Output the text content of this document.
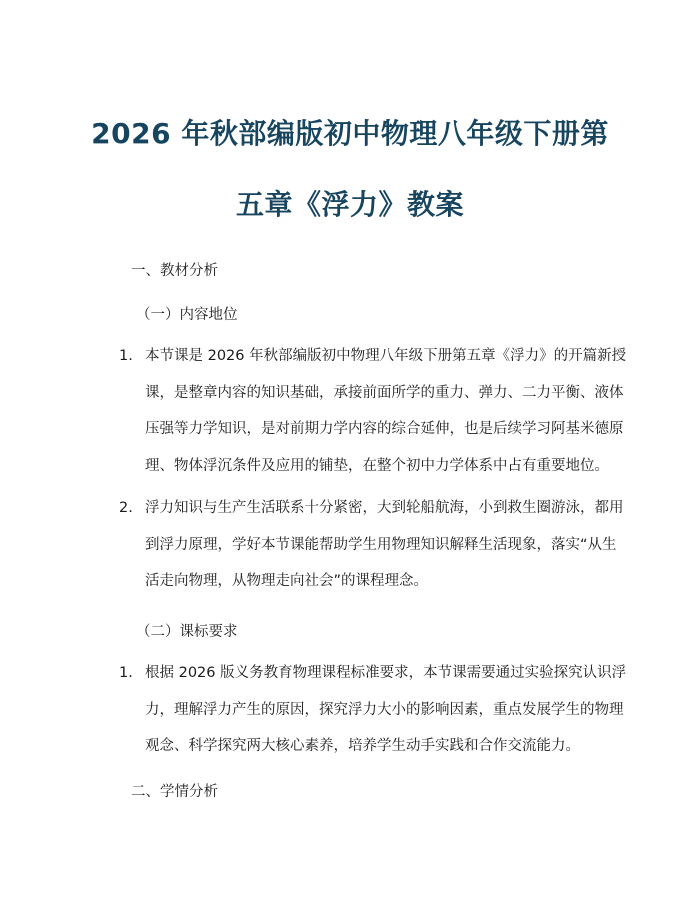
2026 年秋部编版初中物理八年级下册第
五章《浮力》教案
一、教材分析
（一）内容地位
1. 本节课是 2026 年秋部编版初中物理八年级下册第五章《浮力》的开篇新授
课，是整章内容的知识基础，承接前面所学的重力、弹力、二力平衡、液体
压强等力学知识，是对前期力学内容的综合延伸，也是后续学习阿基米德原
理、物体浮沉条件及应用的铺垫，在整个初中力学体系中占有重要地位。
2. 浮力知识与生产生活联系十分紧密，大到轮船航海，小到救生圈游泳，都用
到浮力原理，学好本节课能帮助学生用物理知识解释生活现象，落实“从生
活走向物理，从物理走向社会”的课程理念。
（二）课标要求
1. 根据 2026 版义务教育物理课程标准要求，本节课需要通过实验探究认识浮
力，理解浮力产生的原因，探究浮力大小的影响因素，重点发展学生的物理
观念、科学探究两大核心素养，培养学生动手实践和合作交流能力。
二、学情分析
